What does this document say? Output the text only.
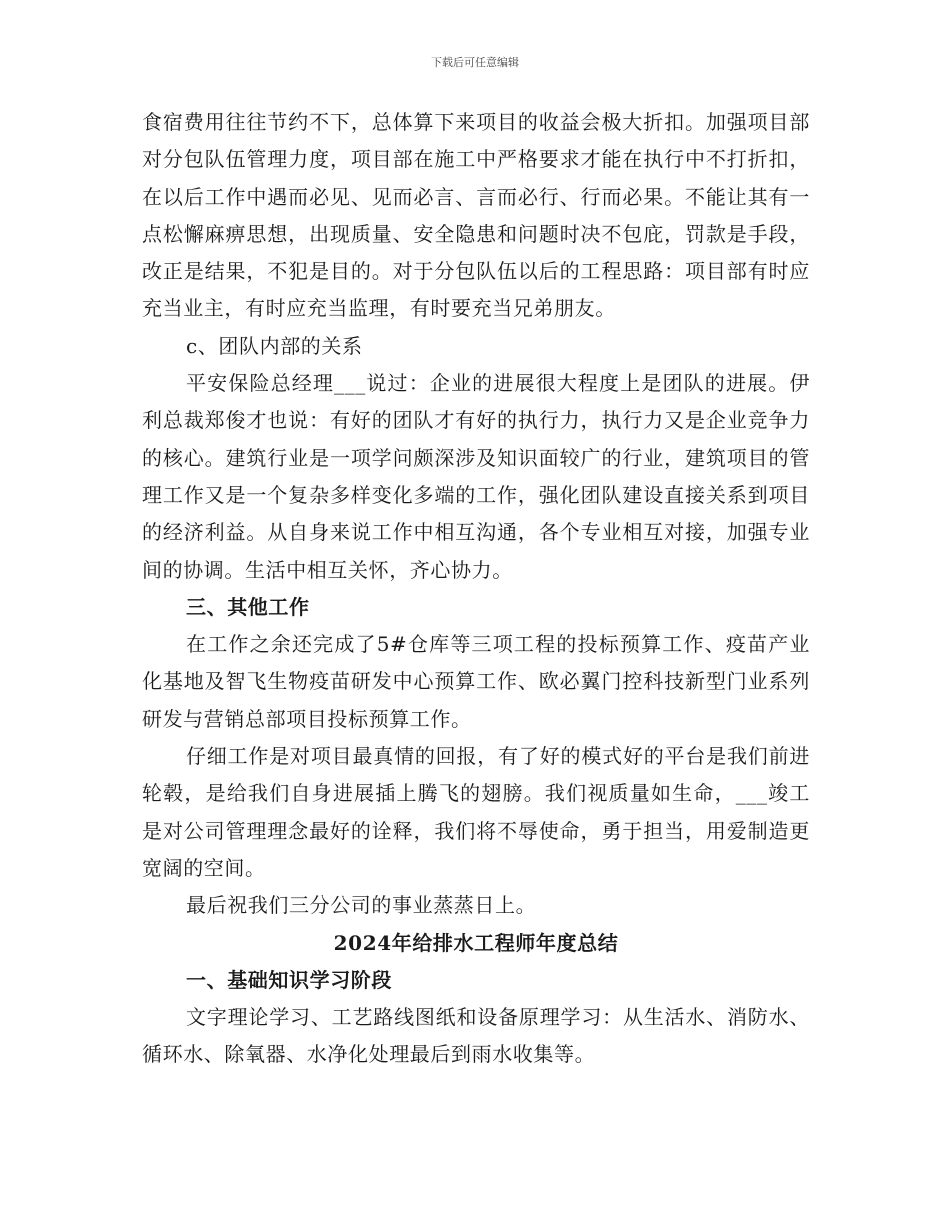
下载后可任意编辑

食宿费用往往节约不下，总体算下来项目的收益会极大折扣。加强项目部对分包队伍管理力度，项目部在施工中严格要求才能在执行中不打折扣，在以后工作中遇而必见、见而必言、言而必行、行而必果。不能让其有一点松懈麻痹思想，出现质量、安全隐患和问题时决不包庇，罚款是手段，改正是结果，不犯是目的。对于分包队伍以后的工程思路：项目部有时应充当业主，有时应充当监理，有时要充当兄弟朋友。

c、团队内部的关系

平安保险总经理___说过：企业的进展很大程度上是团队的进展。伊利总裁郑俊才也说：有好的团队才有好的执行力，执行力又是企业竞争力的核心。建筑行业是一项学问颇深涉及知识面较广的行业，建筑项目的管理工作又是一个复杂多样变化多端的工作，强化团队建设直接关系到项目的经济利益。从自身来说工作中相互沟通，各个专业相互对接，加强专业间的协调。生活中相互关怀，齐心协力。

三、其他工作

在工作之余还完成了5#仓库等三项工程的投标预算工作、疫苗产业化基地及智飞生物疫苗研发中心预算工作、欧必翼门控科技新型门业系列研发与营销总部项目投标预算工作。

仔细工作是对项目最真情的回报，有了好的模式好的平台是我们前进轮毂，是给我们自身进展插上腾飞的翅膀。我们视质量如生命，___竣工是对公司管理理念最好的诠释，我们将不辱使命，勇于担当，用爱制造更宽阔的空间。

最后祝我们三分公司的事业蒸蒸日上。

2024年给排水工程师年度总结

一、基础知识学习阶段

文字理论学习、工艺路线图纸和设备原理学习：从生活水、消防水、循环水、除氧器、水净化处理最后到雨水收集等。
